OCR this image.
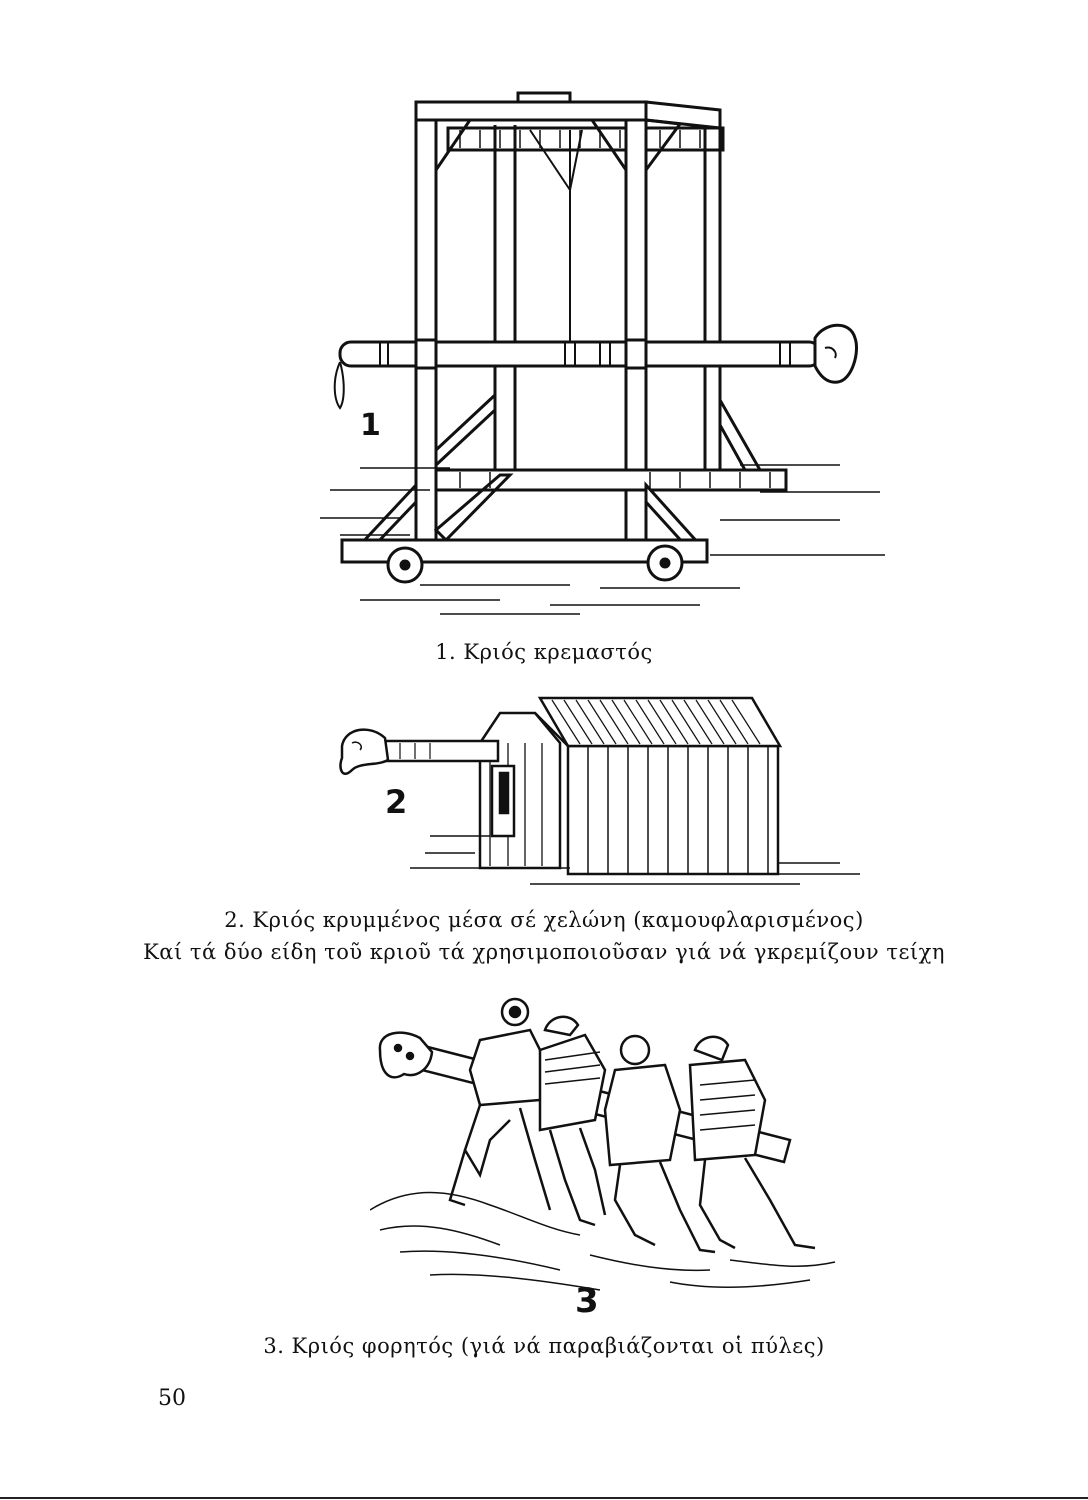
1
1. Κριός κρεμαστός
2
2. Κριός κρυμμένος μέσα σέ χελώνη (καμουφλαρισμένος)
Καί τά δύο είδη τοῦ κριοῦ τά χρησιμοποιοῦσαν γιά νά γκρεμίζουν τείχη
3
3. Κριός φορητός (γιά νά παραβιάζονται οἱ πύλες)
50
